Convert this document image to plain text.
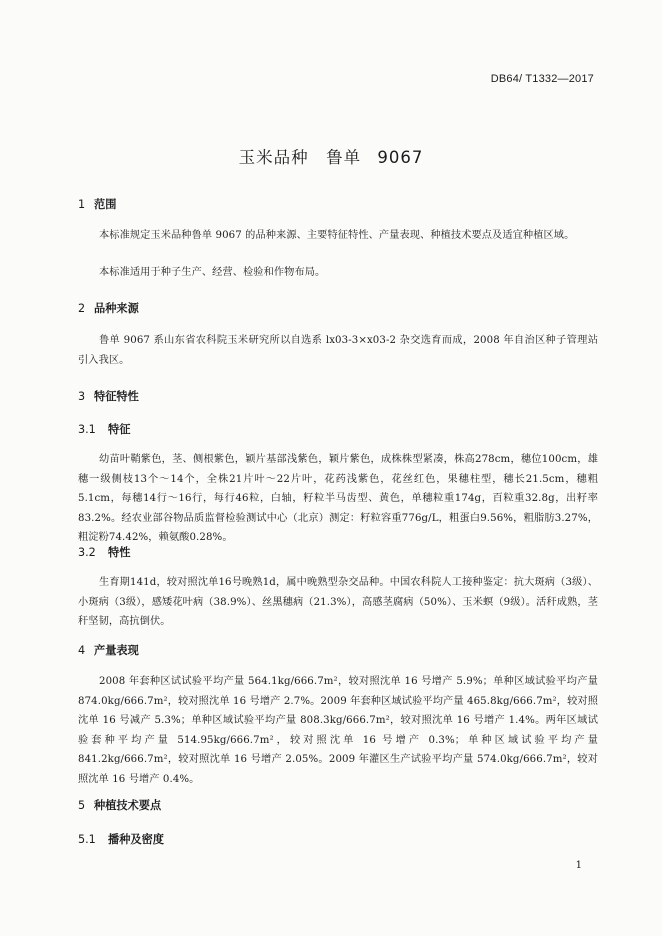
DB64/ T1332—2017
玉米品种　鲁单 9067
1 范围
本标准规定玉米品种鲁单 9067 的品种来源、主要特征特性、产量表现、种植技术要点及适宜种植区域。
本标准适用于种子生产、经营、检验和作物布局。
2 品种来源
鲁单 9067 系山东省农科院玉米研究所以自选系 lx03-3×x03-2 杂交选育而成，2008 年自治区种子管理站引入我区。
3 特征特性
3.1 特征
幼苗叶鞘紫色，茎、侧根紫色，颖片基部浅紫色，颖片紫色，成株株型紧凑，株高278cm，穗位100cm，雄穗一级侧枝13个～14个，全株21片叶～22片叶，花药浅紫色，花丝红色，果穗柱型，穗长21.5cm，穗粗5.1cm，每穗14行～16行，每行46粒，白轴，籽粒半马齿型、黄色，单穗粒重174g，百粒重32.8g，出籽率83.2%。经农业部谷物品质监督检验测试中心（北京）测定：籽粒容重776g/L，粗蛋白9.56%，粗脂肪3.27%，粗淀粉74.42%，赖氨酸0.28%。
3.2 特性
生育期141d，较对照沈单16号晚熟1d，属中晚熟型杂交品种。中国农科院人工接种鉴定：抗大斑病（3级）、小斑病（3级），感矮花叶病（38.9%）、丝黑穗病（21.3%），高感茎腐病（50%）、玉米螟（9级）。活秆成熟，茎秆坚韧，高抗倒伏。
4 产量表现
2008 年套种区试试验平均产量 564.1kg/666.7m²，较对照沈单 16 号增产 5.9%；单种区域试验平均产量 874.0kg/666.7m²，较对照沈单 16 号增产 2.7%。2009 年套种区域试验平均产量 465.8kg/666.7m²，较对照沈单 16 号减产 5.3%；单种区域试验平均产量 808.3kg/666.7m²，较对照沈单 16 号增产 1.4%。两年区域试验套种平均产量 514.95kg/666.7m²，较对照沈单 16 号增产 0.3%；单种区域试验平均产量 841.2kg/666.7m²，较对照沈单 16 号增产 2.05%。2009 年灌区生产试验平均产量 574.0kg/666.7m²，较对照沈单 16 号增产 0.4%。
5 种植技术要点
5.1 播种及密度
1
